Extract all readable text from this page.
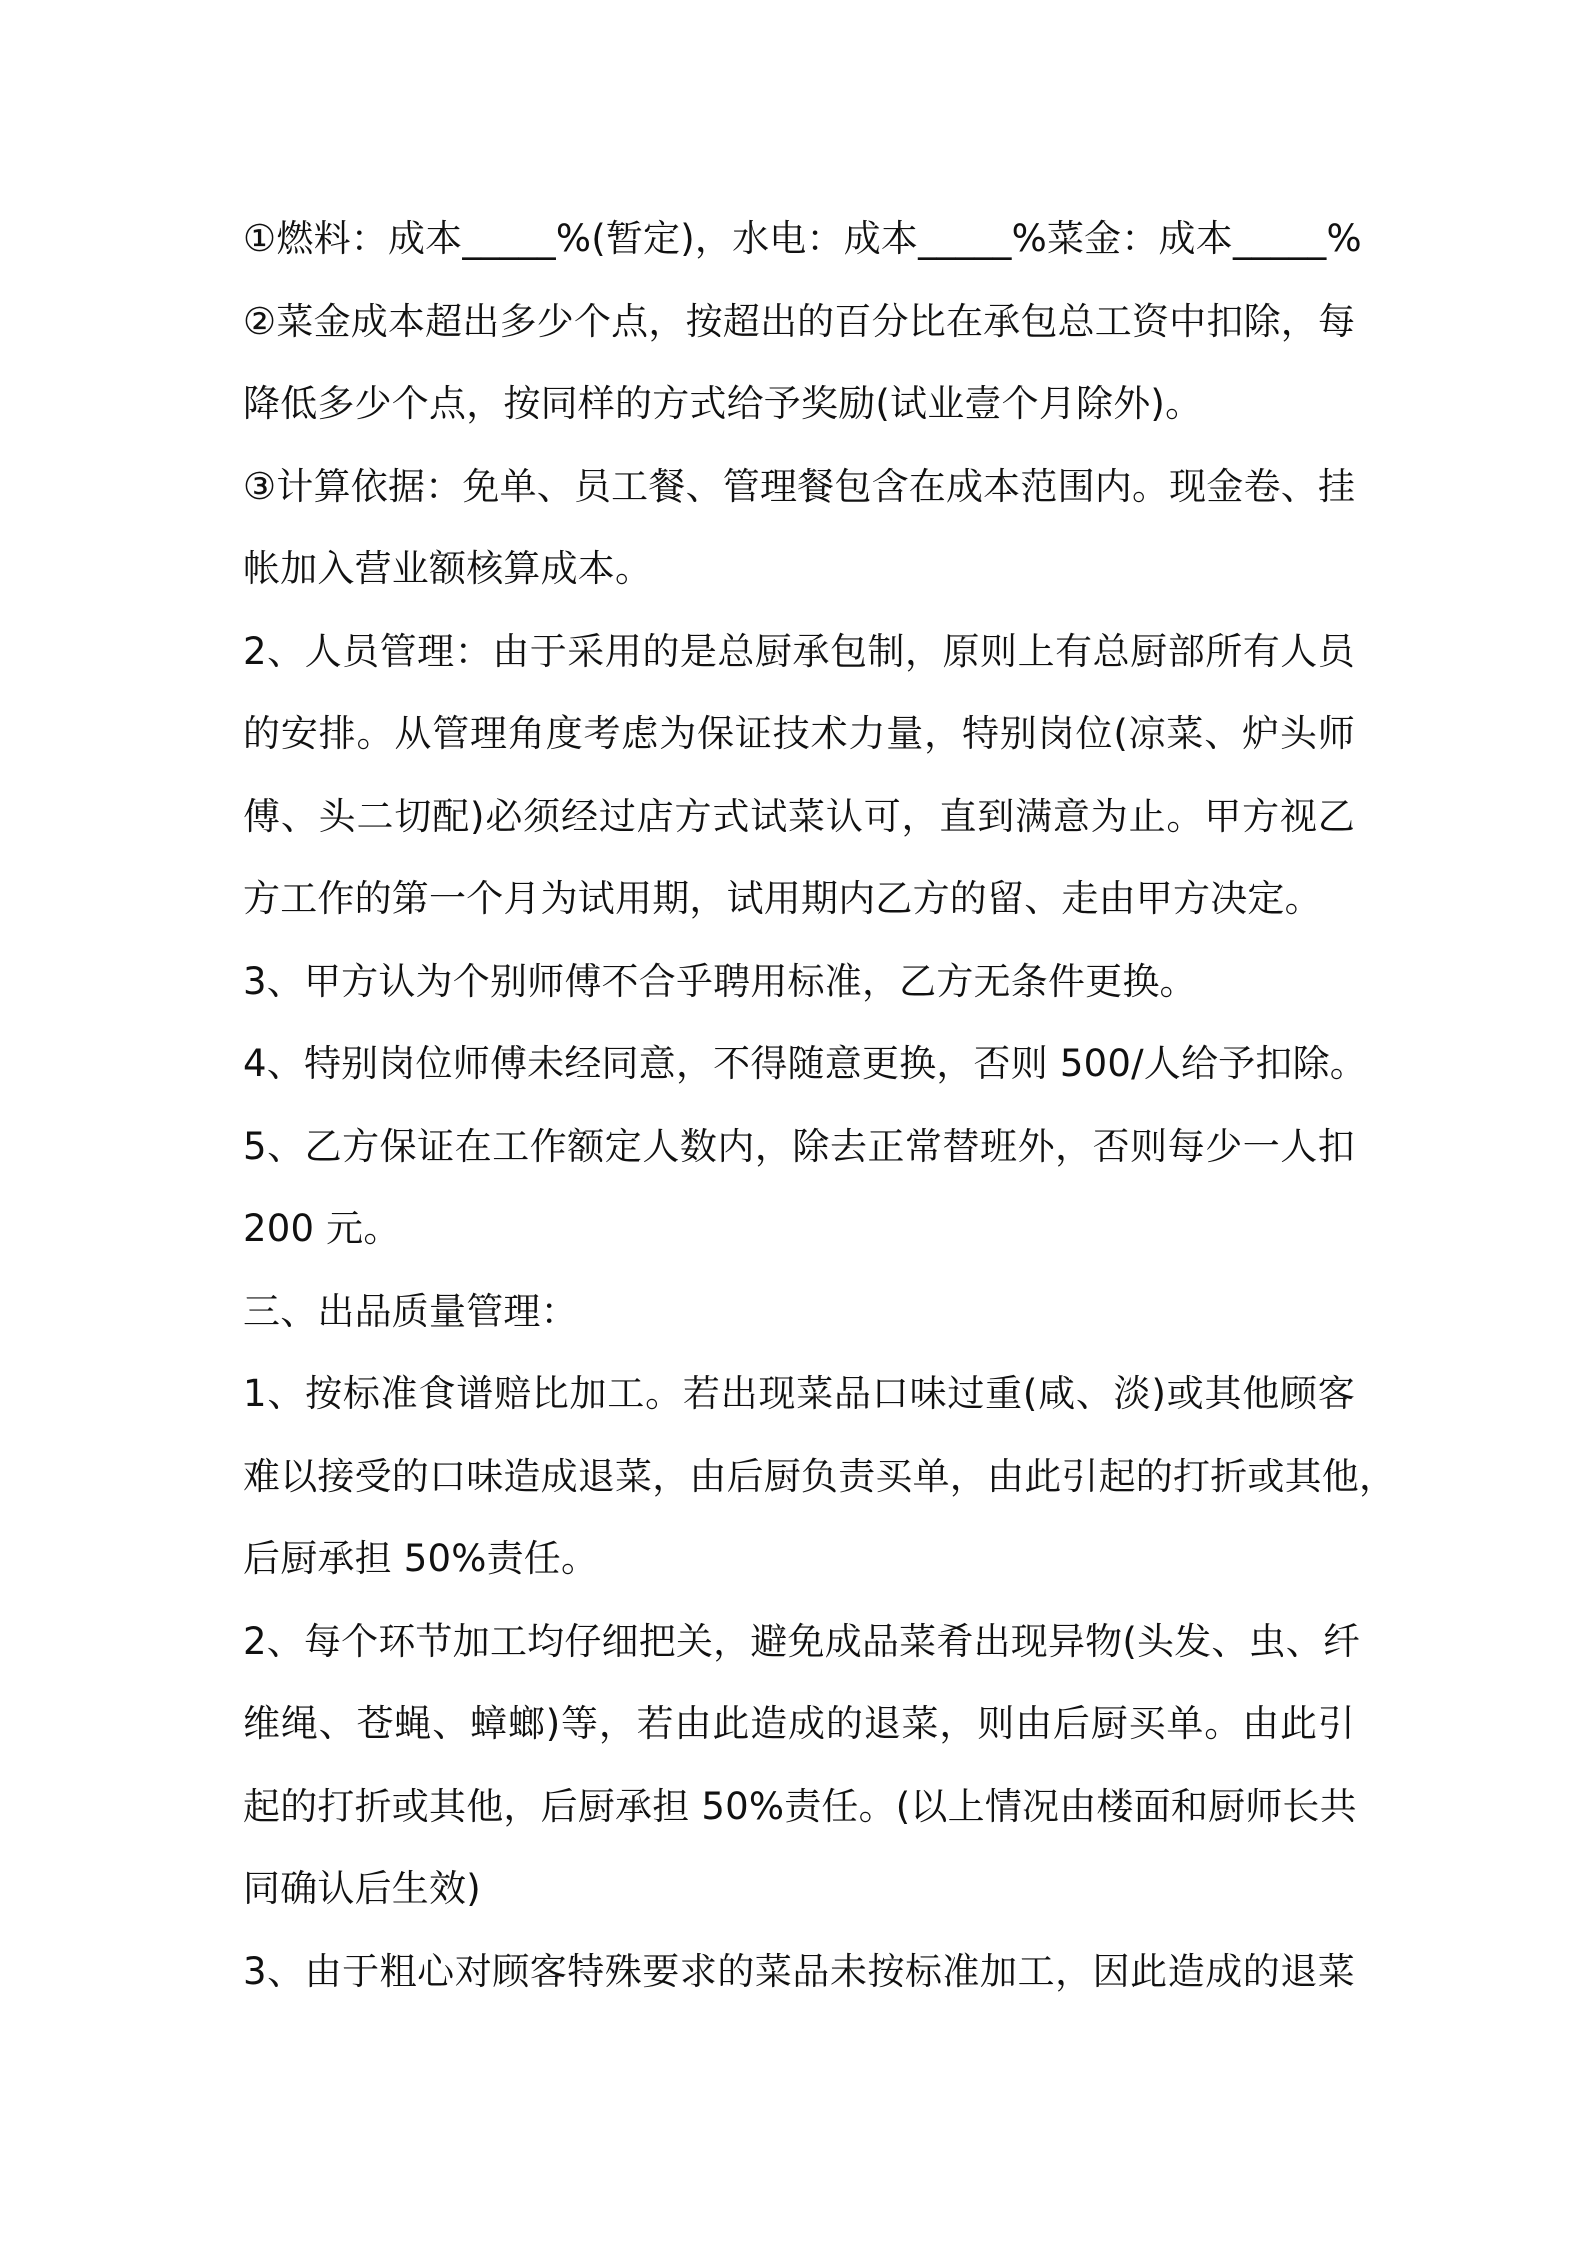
①燃料：成本_____%(暂定)，水电：成本_____%菜金：成本_____%
②菜金成本超出多少个点，按超出的百分比在承包总工资中扣除，每
降低多少个点，按同样的方式给予奖励(试业壹个月除外)。
③计算依据：免单、员工餐、管理餐包含在成本范围内。现金卷、挂
帐加入营业额核算成本。
2、人员管理：由于采用的是总厨承包制，原则上有总厨部所有人员
的安排。从管理角度考虑为保证技术力量，特别岗位(凉菜、炉头师
傅、头二切配)必须经过店方式试菜认可，直到满意为止。甲方视乙
方工作的第一个月为试用期，试用期内乙方的留、走由甲方决定。
3、甲方认为个别师傅不合乎聘用标准，乙方无条件更换。
4、特别岗位师傅未经同意，不得随意更换，否则 500/人给予扣除。
5、乙方保证在工作额定人数内，除去正常替班外，否则每少一人扣
200 元。
三、出品质量管理：
1、按标准食谱赔比加工。若出现菜品口味过重(咸、淡)或其他顾客
难以接受的口味造成退菜，由后厨负责买单，由此引起的打折或其他，
后厨承担 50%责任。
2、每个环节加工均仔细把关，避免成品菜肴出现异物(头发、虫、纤
维绳、苍蝇、蟑螂)等，若由此造成的退菜，则由后厨买单。由此引
起的打折或其他，后厨承担 50%责任。(以上情况由楼面和厨师长共
同确认后生效)
3、由于粗心对顾客特殊要求的菜品未按标准加工，因此造成的退菜
